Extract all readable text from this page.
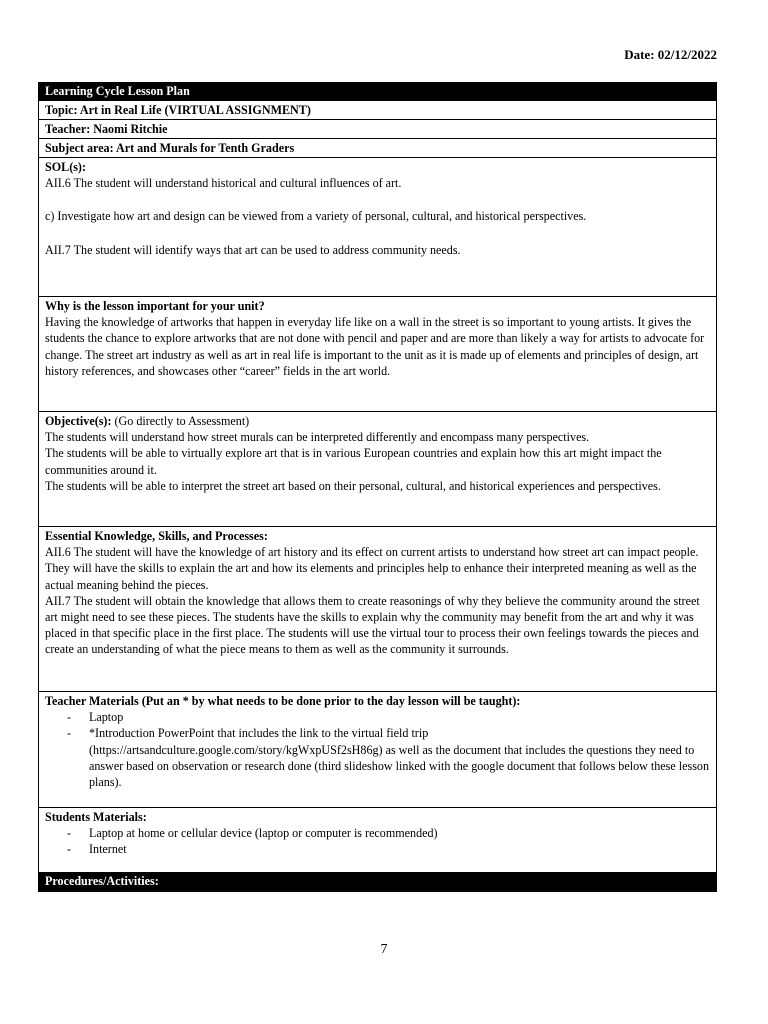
Date: 02/12/2022
Learning Cycle Lesson Plan
Topic: Art in Real Life (VIRTUAL ASSIGNMENT)
Teacher: Naomi Ritchie
Subject area: Art and Murals for Tenth Graders

SOL(s):

AII.6 The student will understand historical and cultural influences of art.

c) Investigate how art and design can be viewed from a variety of personal, cultural, and historical perspectives.

AII.7 The student will identify ways that art can be used to address community needs.

Why is the lesson important for your unit?

Having the knowledge of artworks that happen in everyday life like on a wall in the street is so important to young artists. It gives the students the chance to explore artworks that are not done with pencil and paper and are more than likely a way for artists to advocate for change. The street art industry as well as art in real life is important to the unit as it is made up of elements and principles of design, art history references, and showcases other “career” fields in the art world.

Objective(s): (Go directly to Assessment)

The students will understand how street murals can be interpreted differently and encompass many perspectives.

The students will be able to virtually explore art that is in various European countries and explain how this art might impact the communities around it.

The students will be able to interpret the street art based on their personal, cultural, and historical experiences and perspectives.

Essential Knowledge, Skills, and Processes:

AII.6 The student will have the knowledge of art history and its effect on current artists to understand how street art can impact people. They will have the skills to explain the art and how its elements and principles help to enhance their interpreted meaning as well as the actual meaning behind the pieces.

AII.7 The student will obtain the knowledge that allows them to create reasonings of why they believe the community around the street art might need to see these pieces. The students have the skills to explain why the community may benefit from the art and why it was placed in that specific place in the first place. The students will use the virtual tour to process their own feelings towards the pieces and create an understanding of what the piece means to them as well as the community it surrounds.

Teacher Materials (Put an * by what needs to be done prior to the day lesson will be taught):

- Laptop
- *Introduction PowerPoint that includes the link to the virtual field trip (https://artsandculture.google.com/story/kgWxpUSf2sH86g) as well as the document that includes the questions they need to answer based on observation or research done (third slideshow linked with the google document that follows below these lesson plans).

Students Materials:

- Laptop at home or cellular device (laptop or computer is recommended)
- Internet
Procedures/Activities:
7
